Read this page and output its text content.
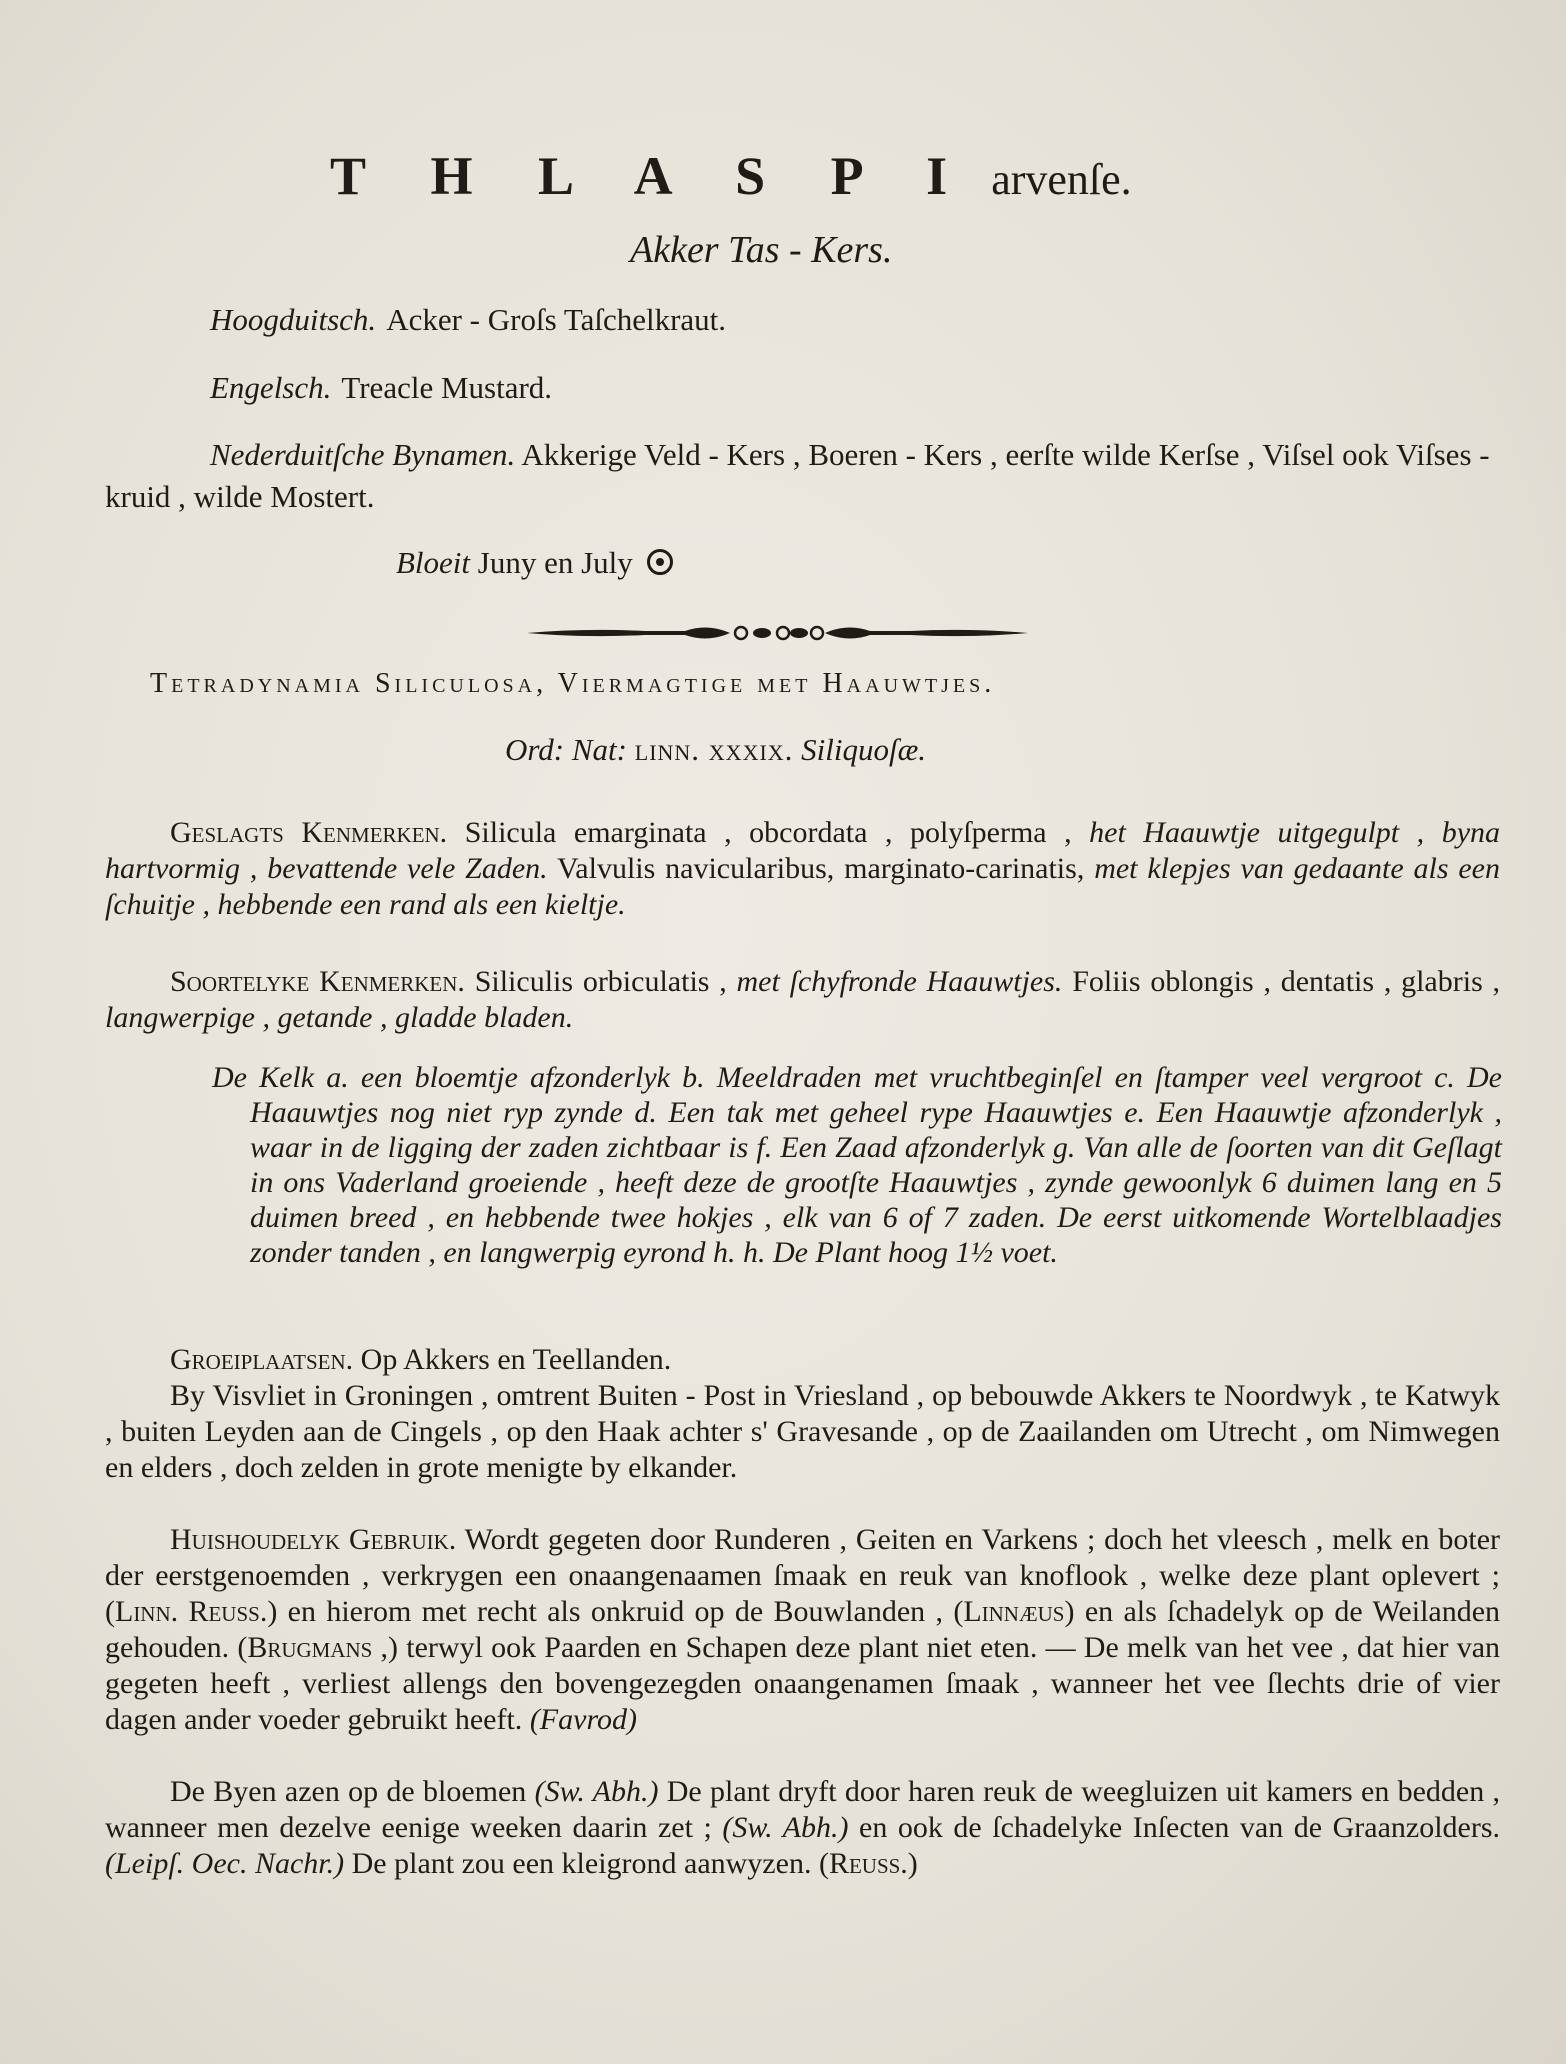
T H L A S P I arvenſe.
Akker Tas - Kers.
Hoogduitsch. Acker - Groſs Taſchelkraut.
Engelsch. Treacle Mustard.
Nederduitſche Bynamen. Akkerige Veld - Kers , Boeren - Kers , eerſte wilde Kerſse , Viſsel ook Viſses - kruid , wilde Mostert.
Bloeit Juny en July
Tetradynamia Siliculosa, Viermagtige met Haauwtjes.
Ord: Nat: linn. xxxix. Siliquoſæ.
Geslagts Kenmerken. Silicula emarginata , obcordata , polyſperma , het Haauwtje uitgegulpt , byna hartvormig , bevattende vele Zaden. Valvulis navicularibus, marginato-carinatis, met klepjes van gedaante als een ſchuitje , hebbende een rand als een kieltje.
Soortelyke Kenmerken. Siliculis orbiculatis , met ſchyfronde Haauwtjes. Foliis oblongis , dentatis , glabris , langwerpige , getande , gladde bladen.
De Kelk a. een bloemtje afzonderlyk b. Meeldraden met vruchtbeginſel en ſtamper veel vergroot c. De Haauwtjes nog niet ryp zynde d. Een tak met geheel rype Haauwtjes e. Een Haauwtje afzonderlyk , waar in de ligging der zaden zichtbaar is f. Een Zaad afzonderlyk g. Van alle de ſoorten van dit Geſlagt in ons Vaderland groeiende , heeft deze de grootſte Haauwtjes , zynde gewoonlyk 6 duimen lang en 5 duimen breed , en hebbende twee hokjes , elk van 6 of 7 zaden. De eerst uitkomende Wortelblaadjes zonder tanden , en langwerpig eyrond h. h. De Plant hoog 1½ voet.
Groeiplaatsen. Op Akkers en Teellanden.
By Visvliet in Groningen , omtrent Buiten - Post in Vriesland , op bebouwde Akkers te Noordwyk , te Katwyk , buiten Leyden aan de Cingels , op den Haak achter s' Gravesande , op de Zaailanden om Utrecht , om Nimwegen en elders , doch zelden in grote menigte by elkander.
Huishoudelyk Gebruik. Wordt gegeten door Runderen , Geiten en Varkens ; doch het vleesch , melk en boter der eerstgenoemden , verkrygen een onaangenaamen ſmaak en reuk van knoflook , welke deze plant oplevert ; (Linn. Reuss.) en hierom met recht als onkruid op de Bouwlanden , (Linnæus) en als ſchadelyk op de Weilanden gehouden. (Brugmans ,) terwyl ook Paarden en Schapen deze plant niet eten. — De melk van het vee , dat hier van gegeten heeft , verliest allengs den bovengezegden onaangenamen ſmaak , wanneer het vee ſlechts drie of vier dagen ander voeder gebruikt heeft. (Favrod)
De Byen azen op de bloemen (Sw. Abh.) De plant dryft door haren reuk de weegluizen uit kamers en bedden , wanneer men dezelve eenige weeken daarin zet ; (Sw. Abh.) en ook de ſchadelyke Inſecten van de Graanzolders. (Leipſ. Oec. Nachr.) De plant zou een kleigrond aanwyzen. (Reuss.)
